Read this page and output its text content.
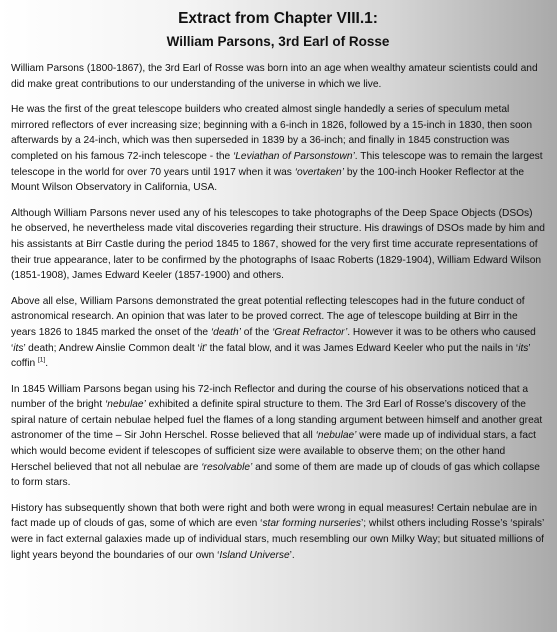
Extract from Chapter VIII.1:
William Parsons, 3rd Earl of Rosse

William Parsons (1800-1867), the 3rd Earl of Rosse was born into an age when wealthy amateur scientists could and did make great contributions to our understanding of the universe in which we live.

He was the first of the great telescope builders who created almost single handedly a series of speculum metal mirrored reflectors of ever increasing size; beginning with a 6-inch in 1826, followed by a 15-inch in 1830, then soon afterwards by a 24-inch, which was then superseded in 1839 by a 36-inch; and finally in 1845 construction was completed on his famous 72-inch telescope - the ‘Leviathan of Parsonstown’. This telescope was to remain the largest telescope in the world for over 70 years until 1917 when it was ‘overtaken’ by the 100-inch Hooker Reflector at the Mount Wilson Observatory in California, USA.

Although William Parsons never used any of his telescopes to take photographs of the Deep Space Objects (DSOs) he observed, he nevertheless made vital discoveries regarding their structure. His drawings of DSOs made by him and his assistants at Birr Castle during the period 1845 to 1867, showed for the very first time accurate representations of their true appearance, later to be confirmed by the photographs of Isaac Roberts (1829-1904), William Edward Wilson (1851-1908), James Edward Keeler (1857-1900) and others.

Above all else, William Parsons demonstrated the great potential reflecting telescopes had in the future conduct of astronomical research. An opinion that was later to be proved correct. The age of telescope building at Birr in the years 1826 to 1845 marked the onset of the ‘death’ of the ‘Great Refractor’. However it was to be others who caused ‘its’ death; Andrew Ainslie Common dealt ‘it’ the fatal blow, and it was James Edward Keeler who put the nails in ‘its’ coffin [1].

In 1845 William Parsons began using his 72-inch Reflector and during the course of his observations noticed that a number of the bright ‘nebulae’ exhibited a definite spiral structure to them. The 3rd Earl of Rosse’s discovery of the spiral nature of certain nebulae helped fuel the flames of a long standing argument between himself and another great astronomer of the time – Sir John Herschel. Rosse believed that all ‘nebulae’ were made up of individual stars, a fact which would become evident if telescopes of sufficient size were available to observe them; on the other hand Herschel believed that not all nebulae are ‘resolvable’ and some of them are made up of clouds of gas which collapse to form stars.

History has subsequently shown that both were right and both were wrong in equal measures! Certain nebulae are in fact made up of clouds of gas, some of which are even ‘star forming nurseries’; whilst others including Rosse’s ‘spirals’ were in fact external galaxies made up of individual stars, much resembling our own Milky Way; but situated millions of light years beyond the boundaries of our own ‘Island Universe’.
